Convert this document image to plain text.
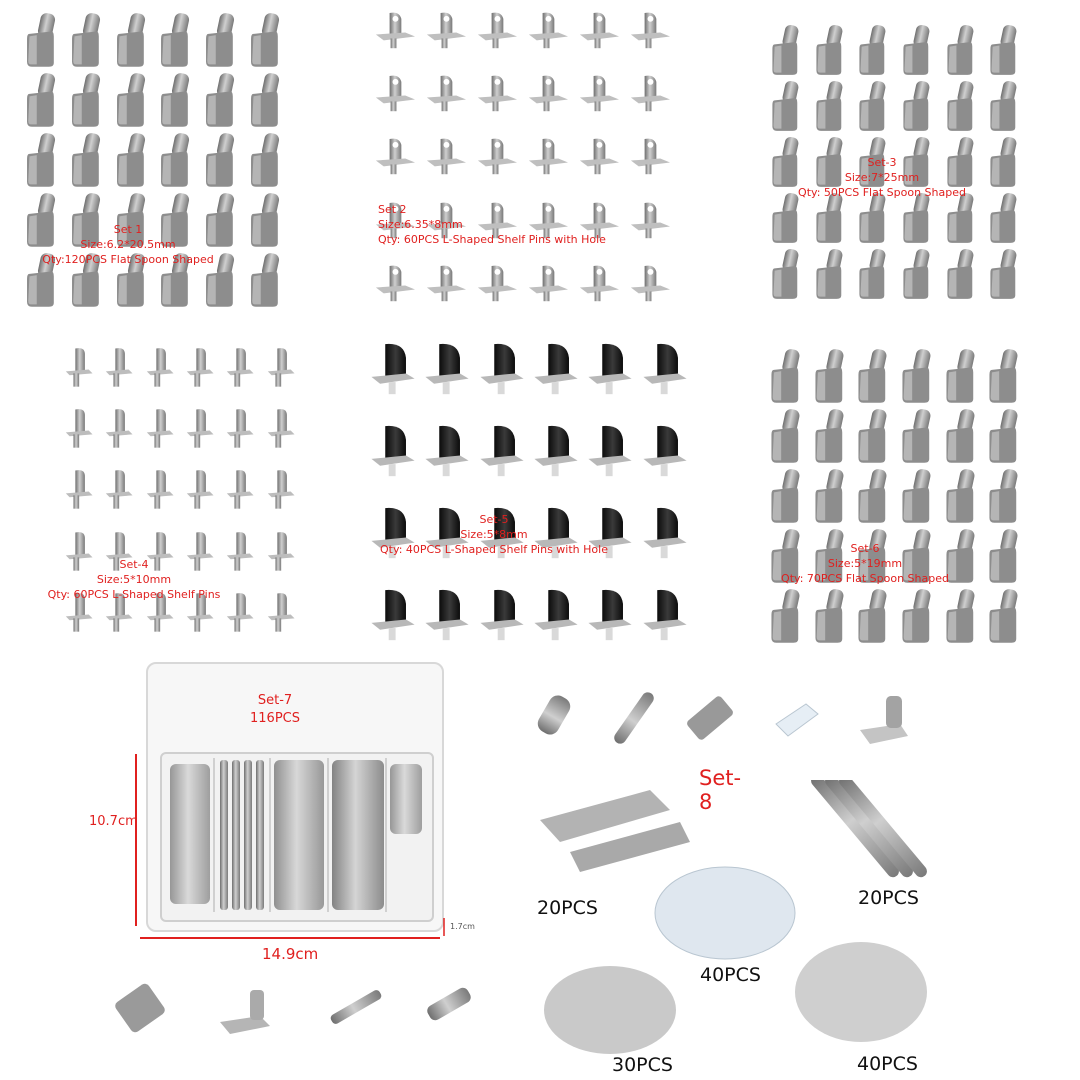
Set 1
Size:6.2*20.5mm
Qty:120PCS Flat Spoon Shaped
Set 2
Size:6.35*8mm
Qty: 60PCS L-Shaped Shelf Pins with Hole
Set-3
Size:7*25mm
Qty: 50PCS Flat Spoon Shaped
Set-4
Size:5*10mm
Qty: 60PCS L-Shaped Shelf Pins
Set-5
Size:5*8mm
Qty: 40PCS L-Shaped Shelf Pins with Hole	Set-6
Size:5*19mm
Qty: 70PCS Flat Spoon Shaped
Set-7
116PCS
10.7cm
14.9cm
1.7cm
Set-8
20PCS	20PCS
40PCS
30PCS	40PCS
